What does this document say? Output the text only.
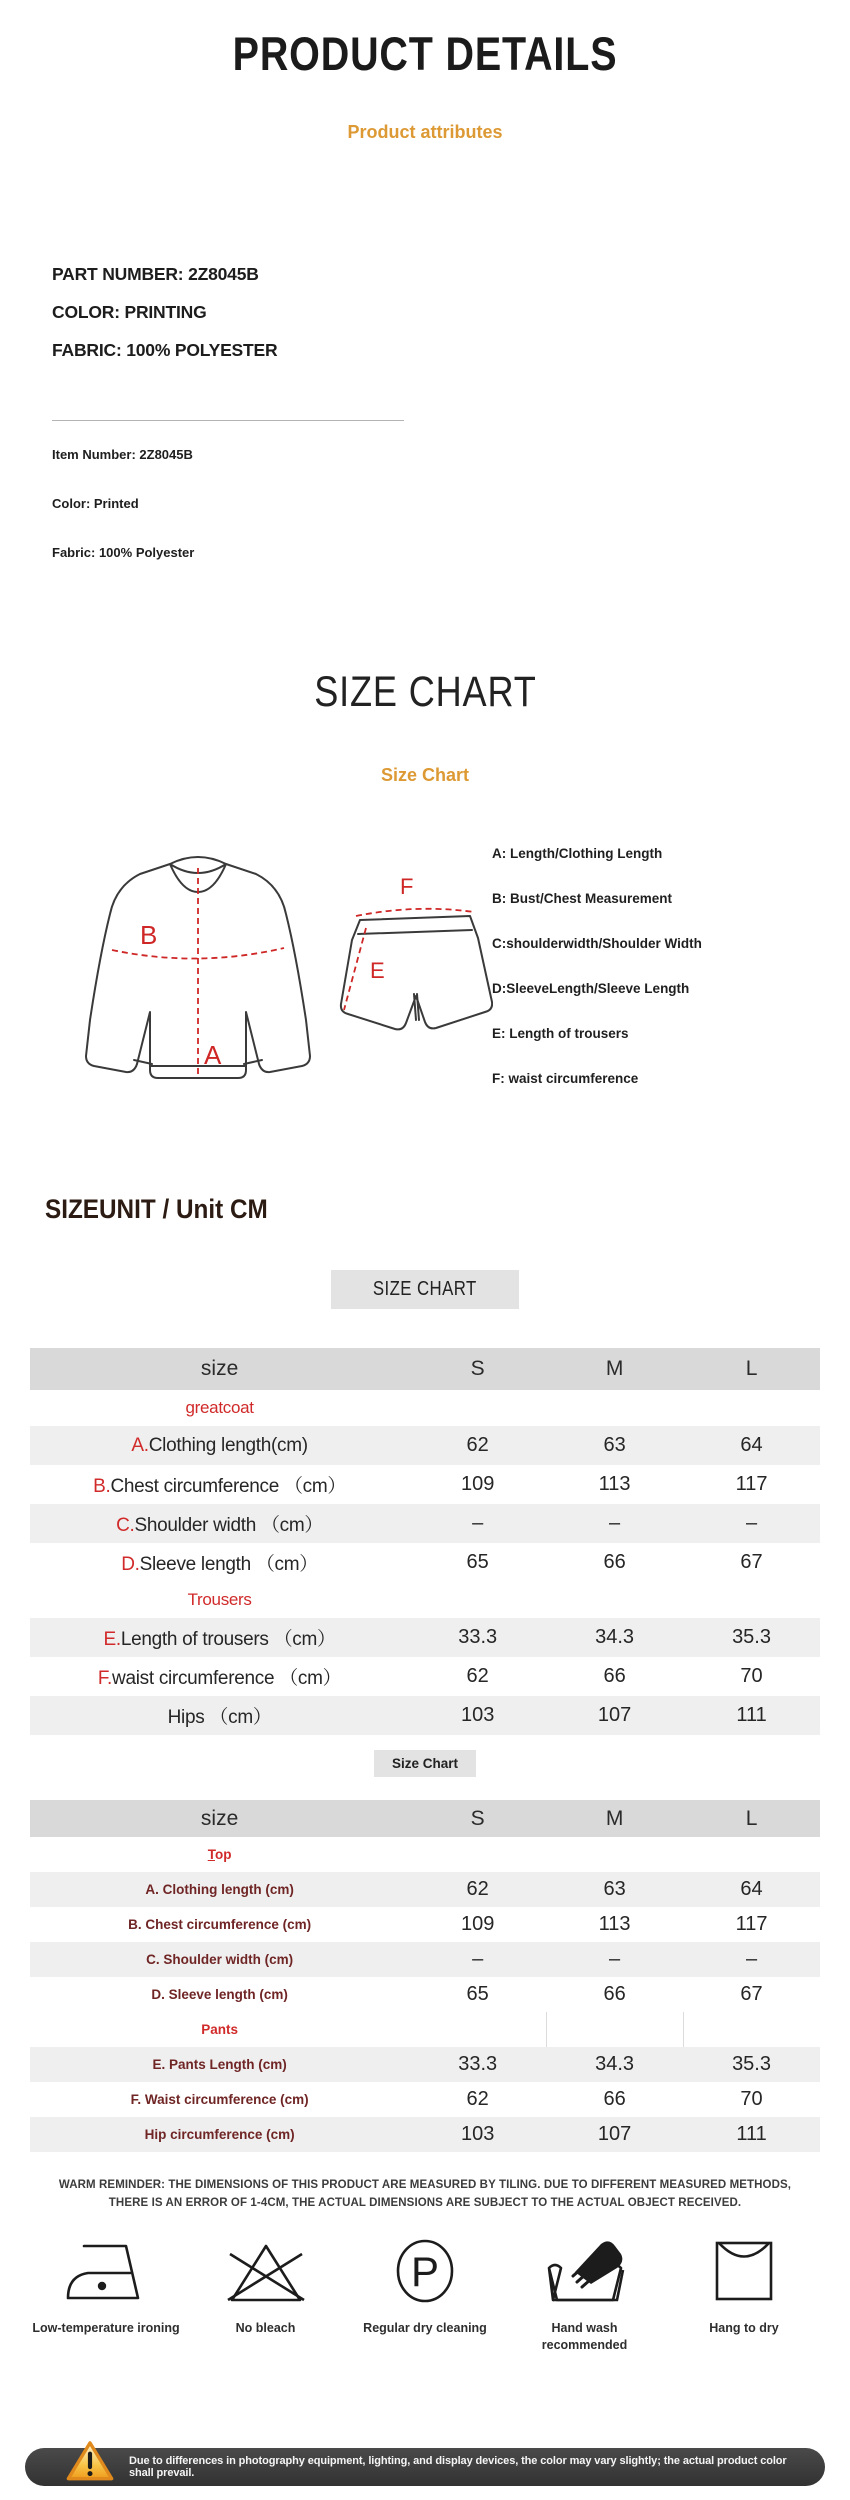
PRODUCT DETAILS
Product attributes
PART NUMBER: 2Z8045B
COLOR: PRINTING
FABRIC: 100% POLYESTER
Item Number: 2Z8045B
Color: Printed
Fabric: 100% Polyester
SIZE CHART
Size Chart
B
A
F
E
A: Length/Clothing Length
B: Bust/Chest Measurement
C:shoulderwidth/Shoulder Width
D:SleeveLength/Sleeve Length
E: Length of trousers
F: waist circumference
SIZEUNIT / Unit CM
SIZE CHART
size	S	M	L
greatcoat			
A.Clothing length(cm)	62	63	64
B.Chest circumference （cm）	109	113	117
C.Shoulder width （cm）	–	–	–
D.Sleeve length （cm）	65	66	67
Trousers			
E.Length of trousers （cm）	33.3	34.3	35.3
F.waist circumference （cm）	62	66	70
Hips （cm）	103	107	111
Size Chart
size	S	M	L
Top			
A. Clothing length (cm)	62	63	64
B. Chest circumference (cm)	109	113	117
C. Shoulder width (cm)	–	–	–
D. Sleeve length (cm)	65	66	67
Pants			
E. Pants Length (cm)	33.3	34.3	35.3
F. Waist circumference (cm)	62	66	70
Hip circumference (cm)	103	107	111
WARM REMINDER: THE DIMENSIONS OF THIS PRODUCT ARE MEASURED BY TILING. DUE TO DIFFERENT MEASURED METHODS,
THERE IS AN ERROR OF 1-4CM, THE ACTUAL DIMENSIONS ARE SUBJECT TO THE ACTUAL OBJECT RECEIVED.
Low-temperature ironing	No bleach
P
Regular dry cleaning	Hand wash recommended
Hang to dry
Due to differences in photography equipment, lighting, and display devices, the color may vary slightly; the actual product color shall prevail.
